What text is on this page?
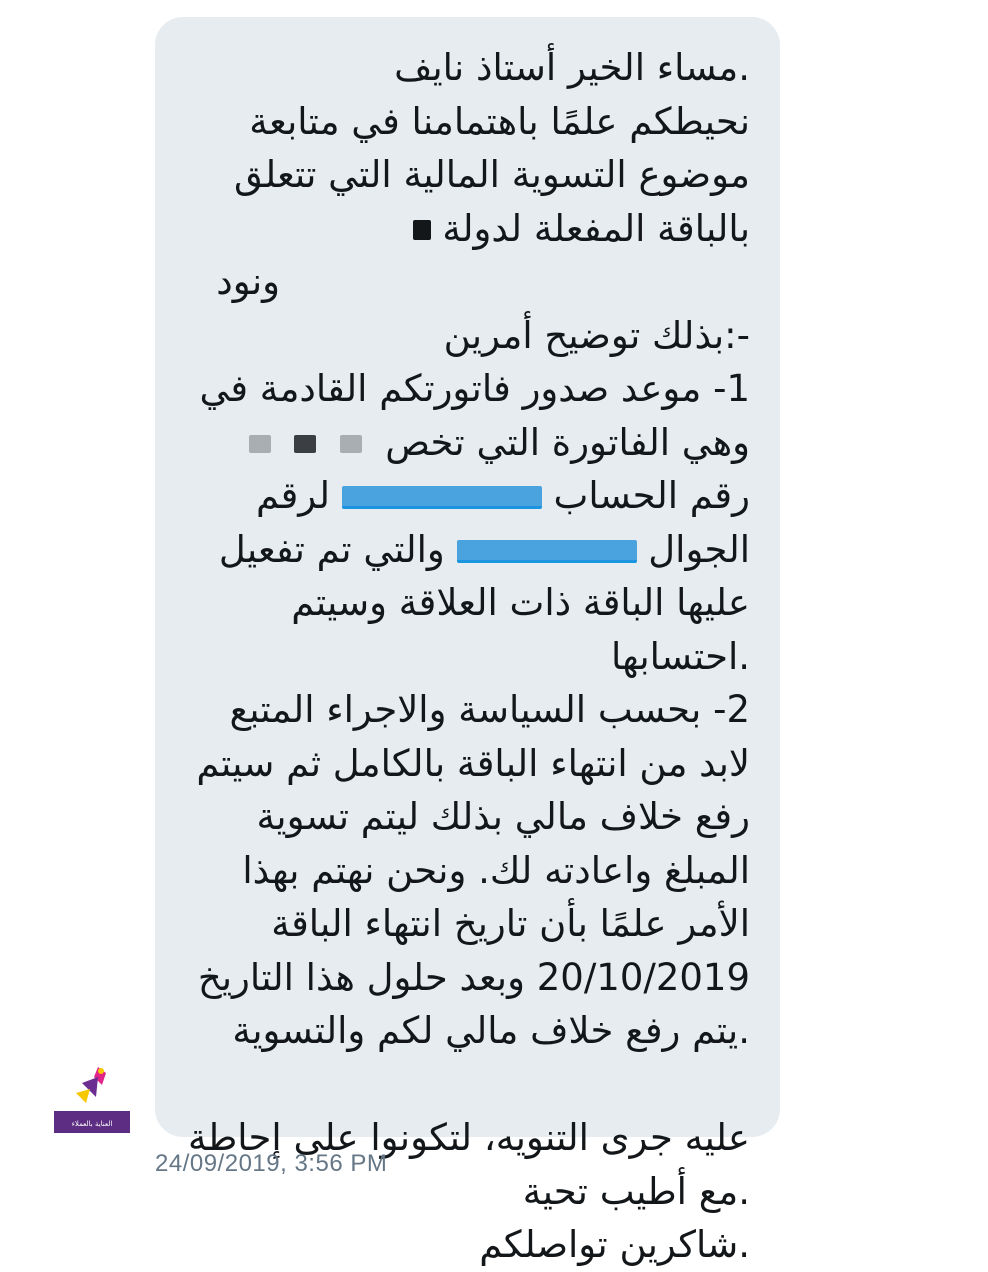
.مساء الخير أستاذ نايف
نحيطكم علمًا باهتمامنا في متابعة
موضوع التسوية المالية التي تتعلق
بالباقة المفعلة لدولة
ونود
-:بذلك توضيح أمرين
1- موعد صدور فاتورتكم القادمة في
وهي الفاتورة التي تخص
رقم الحساب  لرقم
الجوال  والتي تم تفعيل
عليها الباقة ذات العلاقة وسيتم
.احتسابها
2- بحسب السياسة والاجراء المتبع
لابد من انتهاء الباقة بالكامل ثم سيتم
رفع خلاف مالي بذلك ليتم تسوية
المبلغ واعادته لك. ونحن نهتم بهذا
الأمر علمًا بأن تاريخ انتهاء الباقة
20/10/2019 وبعد حلول هذا التاريخ
.يتم رفع خلاف مالي لكم والتسوية
عليه جرى التنويه، لتكونوا على إحاطة
.مع أطيب تحية
.شاكرين تواصلكم

العناية بالعملاء
24/09/2019, 3:56 PM
